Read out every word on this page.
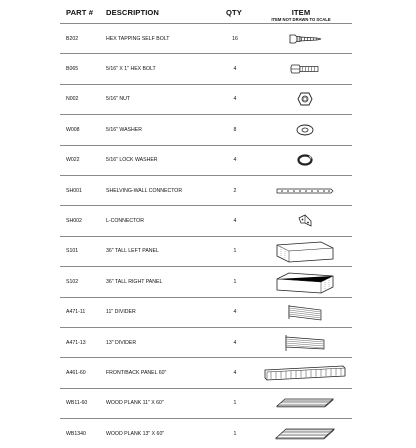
PART # DESCRIPTION	QTY	ITEM
ITEM NOT DRAWN TO SCALE
B202	HEX TAPPING SELF BOLT	16
B065	5/16" X 1" HEX BOLT	4
N002	5/16" NUT	4
W008	5/16" WASHER	8
W022	5/16" LOCK WASHER	4
SH001	SHELVING-WALL CONNECTOR	2
SH002	L-CONNECTOR	4
S101	36" TALL LEFT PANEL	1
S102	36" TALL RIGHT PANEL	1
A471-11	11" DIVIDER	4
A471-13	13" DIVIDER	4
A461-60	FRONT/BACK PANEL 60"	4
WB11-60	WOOD PLANK 11" X 60"	1
WB1340	WOOD PLANK 13" X 60"	1
